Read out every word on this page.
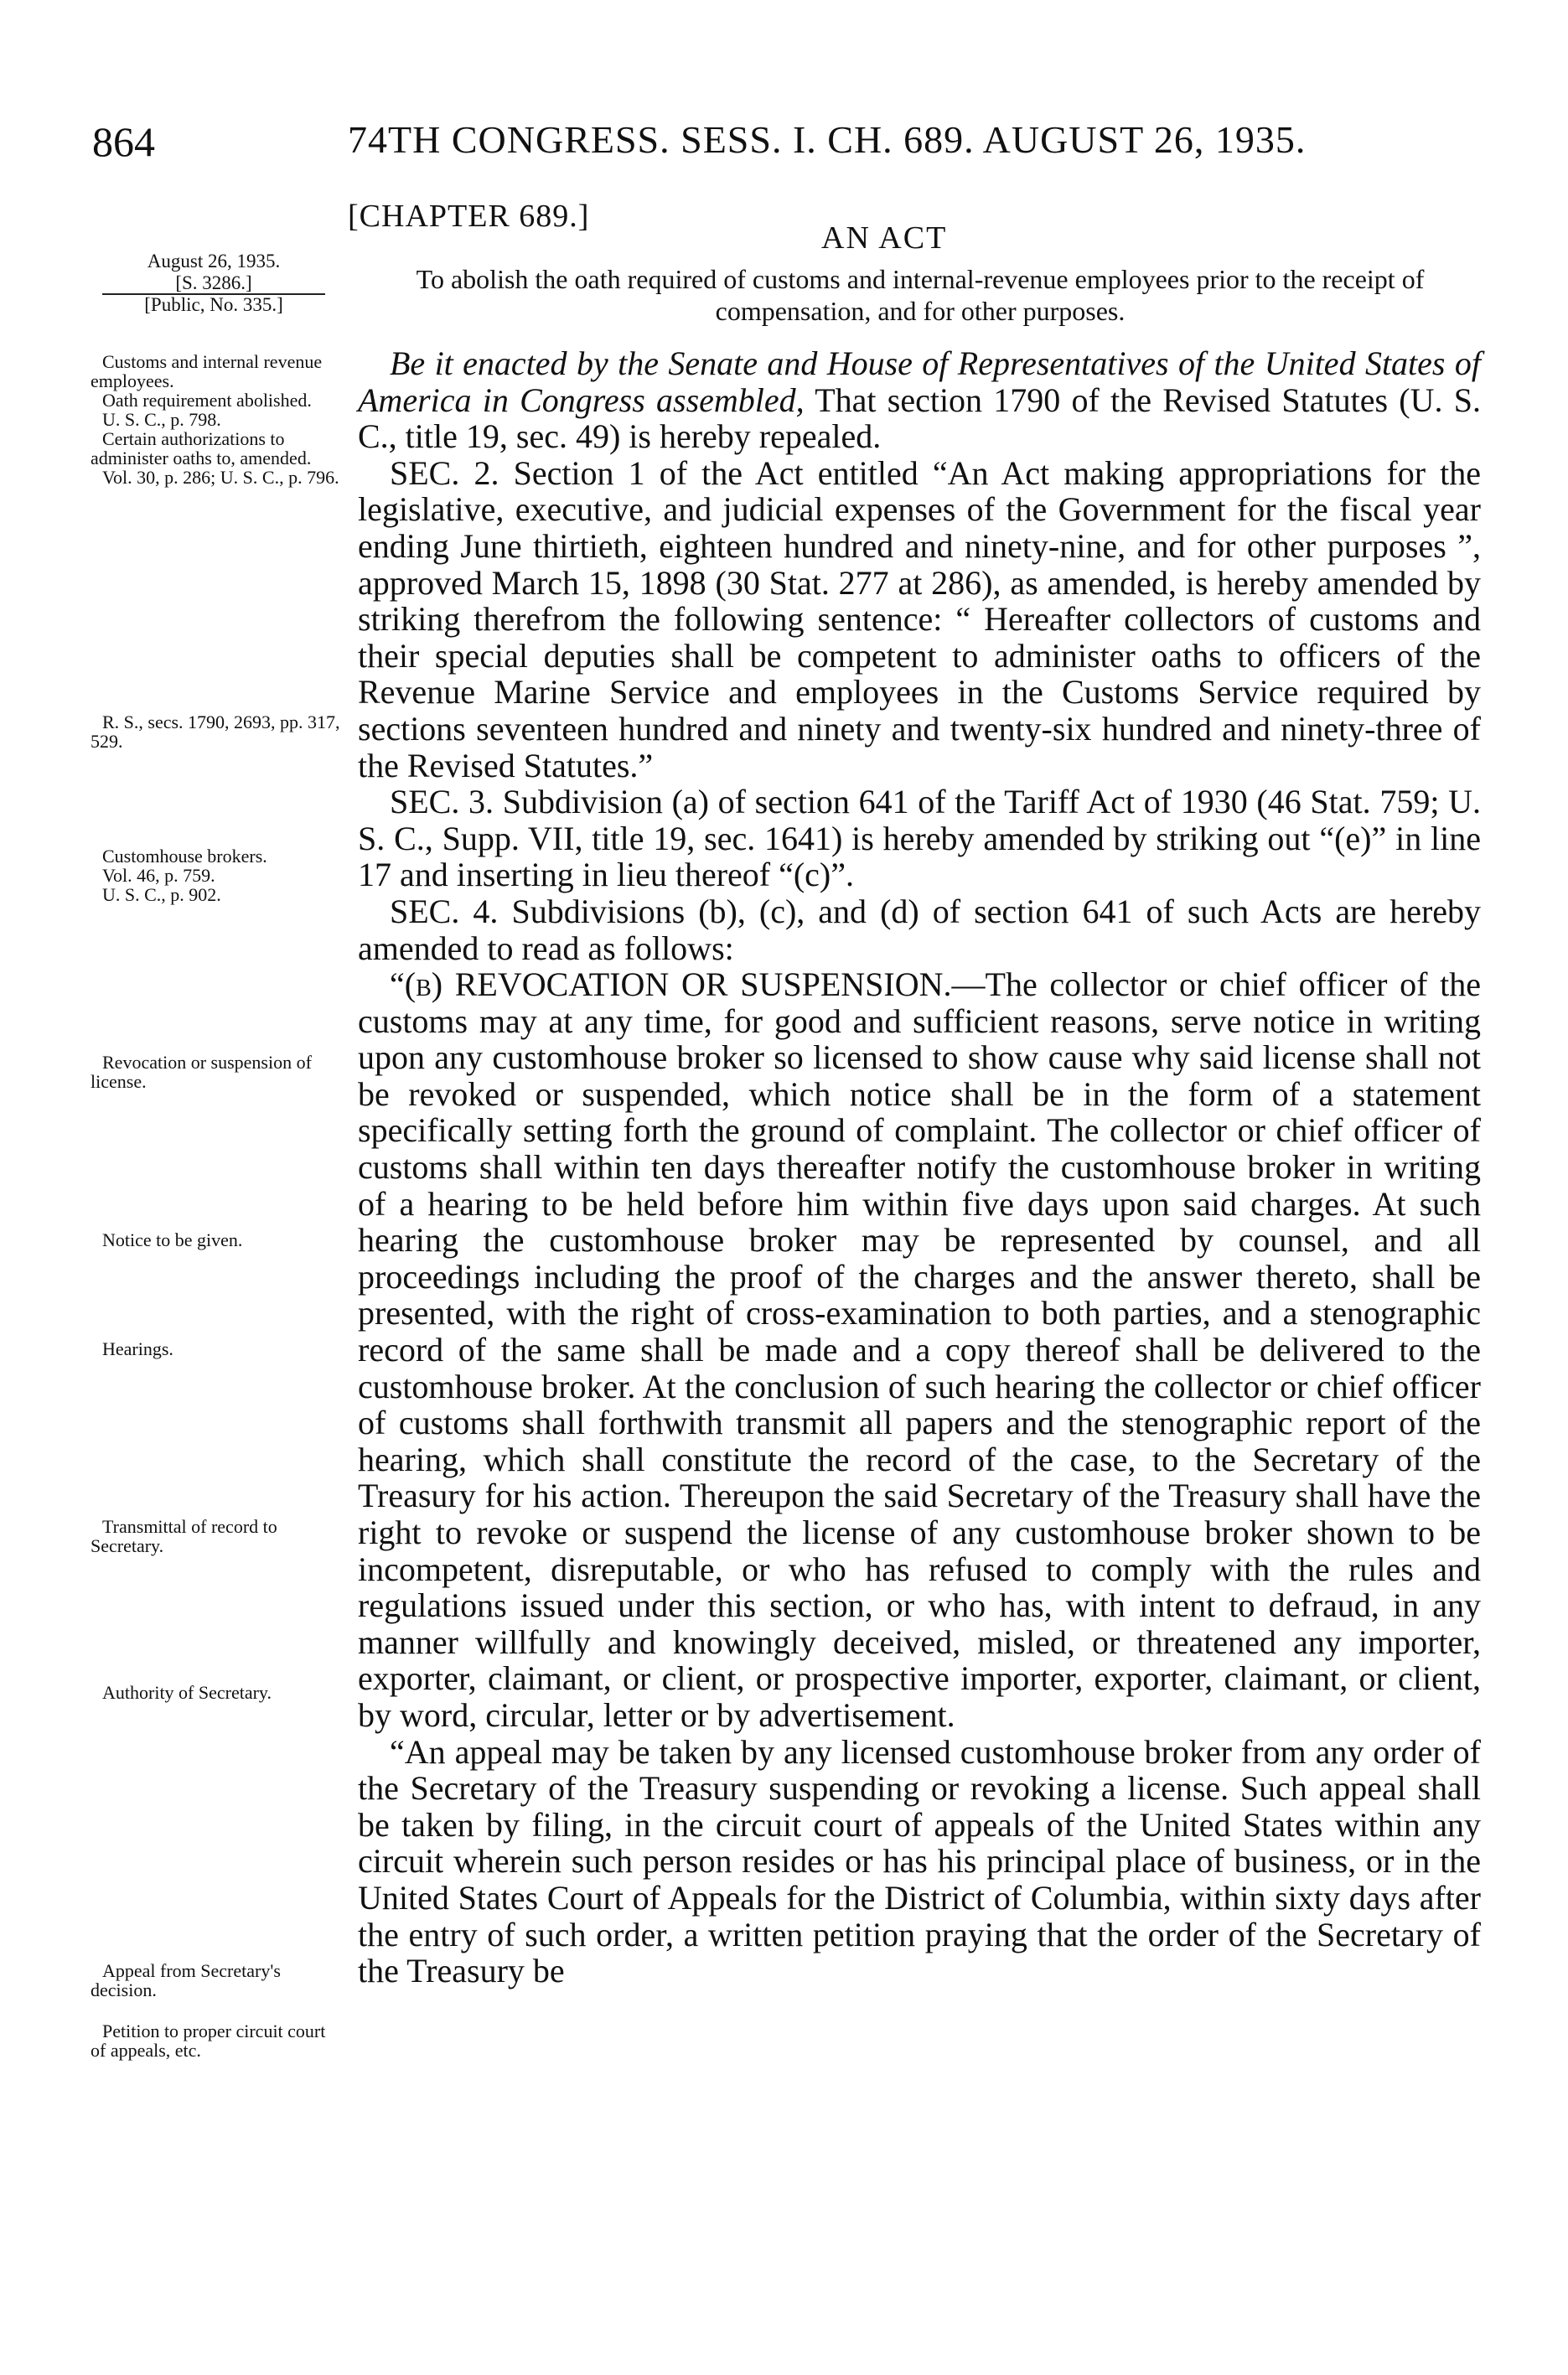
864	74TH CONGRESS. SESS. I. CH. 689. AUGUST 26, 1935.
[CHAPTER 689.]
AN ACT
To abolish the oath required of customs and internal-revenue employees prior to the receipt of compensation, and for other purposes.
August 26, 1935.
[S. 3286.]
[Public, No. 335.]
Customs and internal revenue employees.
Oath requirement abolished.
U. S. C., p. 798.
Certain authorizations to administer oaths to, amended.
Vol. 30, p. 286; U. S. C., p. 796.
R. S., secs. 1790, 2693, pp. 317, 529.
Customhouse brokers.
Vol. 46, p. 759.
U. S. C., p. 902.
Revocation or suspension of license.
Notice to be given.
Hearings.
Transmittal of record to Secretary.
Authority of Secretary.
Appeal from Secretary's decision.
Petition to proper circuit court of appeals, etc.

Be it enacted by the Senate and House of Representatives of the United States of America in Congress assembled, That section 1790 of the Revised Statutes (U. S. C., title 19, sec. 49) is hereby repealed.

SEC. 2. Section 1 of the Act entitled “An Act making appropriations for the legislative, executive, and judicial expenses of the Government for the fiscal year ending June thirtieth, eighteen hundred and ninety-nine, and for other purposes ”, approved March 15, 1898 (30 Stat. 277 at 286), as amended, is hereby amended by striking therefrom the following sentence: “ Hereafter collectors of customs and their special deputies shall be competent to administer oaths to officers of the Revenue Marine Service and employees in the Customs Service required by sections seventeen hundred and ninety and twenty-six hundred and ninety-three of the Revised Statutes.”

SEC. 3. Subdivision (a) of section 641 of the Tariff Act of 1930 (46 Stat. 759; U. S. C., Supp. VII, title 19, sec. 1641) is hereby amended by striking out “(e)” in line 17 and inserting in lieu thereof “(c)”.

SEC. 4. Subdivisions (b), (c), and (d) of section 641 of such Acts are hereby amended to read as follows:

“(b) REVOCATION OR SUSPENSION.—The collector or chief officer of the customs may at any time, for good and sufficient reasons, serve notice in writing upon any customhouse broker so licensed to show cause why said license shall not be revoked or suspended, which notice shall be in the form of a statement specifically setting forth the ground of complaint. The collector or chief officer of customs shall within ten days thereafter notify the customhouse broker in writing of a hearing to be held before him within five days upon said charges. At such hearing the customhouse broker may be represented by counsel, and all proceedings including the proof of the charges and the answer thereto, shall be presented, with the right of cross-examination to both parties, and a stenographic record of the same shall be made and a copy thereof shall be delivered to the customhouse broker. At the conclusion of such hearing the collector or chief officer of customs shall forthwith transmit all papers and the stenographic report of the hearing, which shall constitute the record of the case, to the Secretary of the Treasury for his action. Thereupon the said Secretary of the Treasury shall have the right to revoke or suspend the license of any customhouse broker shown to be incompetent, disreputable, or who has refused to comply with the rules and regulations issued under this section, or who has, with intent to defraud, in any manner willfully and knowingly deceived, misled, or threatened any importer, exporter, claimant, or client, or prospective importer, exporter, claimant, or client, by word, circular, letter or by advertisement.

“An appeal may be taken by any licensed customhouse broker from any order of the Secretary of the Treasury suspending or revoking a license. Such appeal shall be taken by filing, in the circuit court of appeals of the United States within any circuit wherein such person resides or has his principal place of business, or in the United States Court of Appeals for the District of Columbia, within sixty days after the entry of such order, a written petition praying that the order of the Secretary of the Treasury be
